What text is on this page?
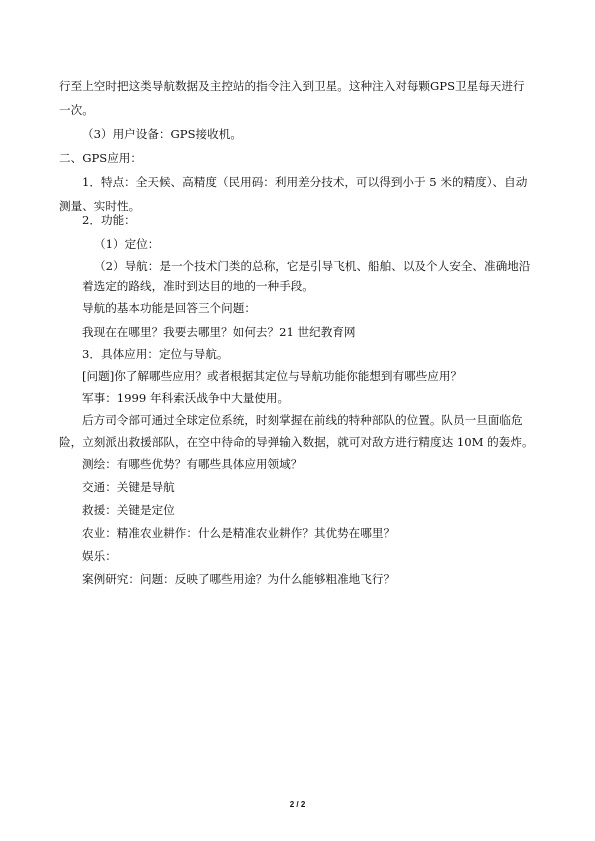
行至上空时把这类导航数据及主控站的指令注入到卫星。这种注入对每颗GPS卫星每天进行
一次。
（3）用户设备：GPS接收机。
二、GPS应用：
1．特点：全天候、高精度（民用码：利用差分技术，可以得到小于 5 米的精度）、自动
测量、实时性。
2．功能：
（1）定位：
（2）导航：是一个技术门类的总称，它是引导飞机、船舶、以及个人安全、准确地沿
着选定的路线，准时到达目的地的一种手段。
导航的基本功能是回答三个问题：
我现在在哪里？我要去哪里？如何去？21 世纪教育网
3．具体应用：定位与导航。
[问题]你了解哪些应用？或者根据其定位与导航功能你能想到有哪些应用？
军事：1999 年科索沃战争中大量使用。
后方司令部可通过全球定位系统，时刻掌握在前线的特种部队的位置。队员一旦面临危
险，立刻派出救援部队，在空中待命的导弹输入数据，就可对敌方进行精度达 10M 的轰炸。
测绘：有哪些优势？有哪些具体应用领域？
交通：关键是导航
救援：关键是定位
农业：精准农业耕作：什么是精准农业耕作？其优势在哪里？
娱乐：
案例研究：问题：反映了哪些用途？为什么能够粗准地飞行？
2 / 2
